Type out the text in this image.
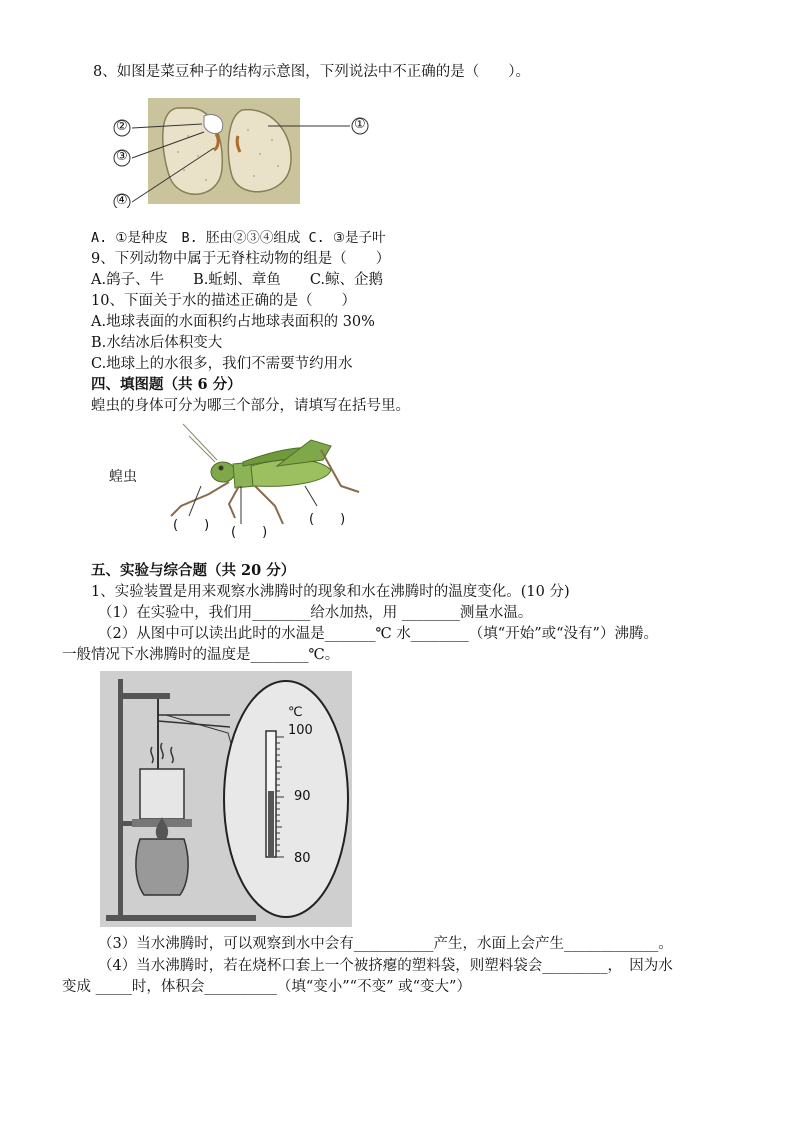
8、如图是菜豆种子的结构示意图，下列说法中不正确的是（　　）。
②
③
④
①
A. ①是种皮　B. 胚由②③④组成 C. ③是子叶
9、下列动物中属于无脊柱动物的组是（　　）
A.鸽子、牛　　B.蚯蚓、章鱼　　C.鲸、企鹅
10、下面关于水的描述正确的是（　　）
A.地球表面的水面积约占地球表面积的 30%
B.水结冰后体积变大
C.地球上的水很多，我们不需要节约用水
四、填图题（共 6 分）
蝗虫的身体可分为哪三个部分，请填写在括号里。
蝗虫
(　　) (　　)
(　　)
五、实验与综合题（共 20 分）
1、实验装置是用来观察水沸腾时的现象和水在沸腾时的温度变化。(10 分)
（1）在实验中，我们用________给水加热，用 ________测量水温。
（2）从图中可以读出此时的水温是_______℃ 水________（填“开始”或“没有”）沸腾。
一般情况下水沸腾时的温度是________℃。
℃
100
90
80
（3）当水沸腾时，可以观察到水中会有___________产生，水面上会产生_____________。
（4）当水沸腾时，若在烧杯口套上一个被挤瘪的塑料袋，则塑料袋会_________，　因为水
变成 _____时，体积会__________（填“变小”“不变” 或“变大”）
